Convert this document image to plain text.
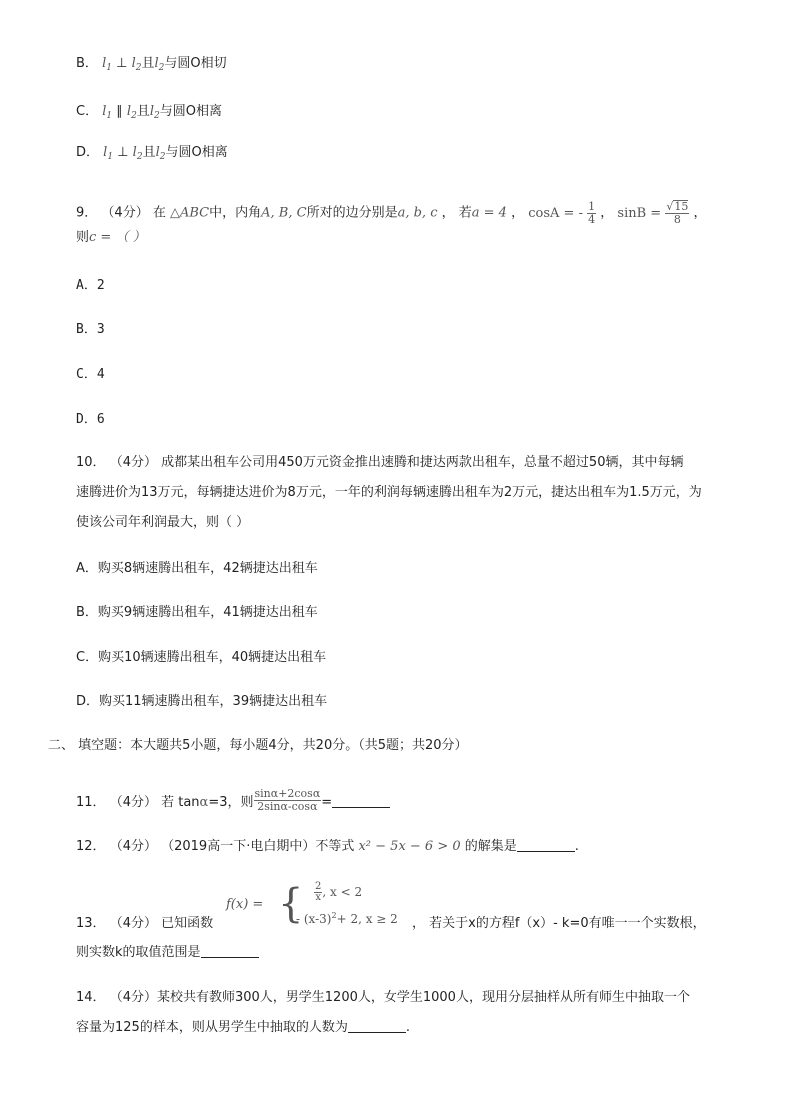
B． $l_1$ ⊥ $l_2$且$l_2$与圆O相切
C． $l_1$ ∥ $l_2$且$l_2$与圆O相离
D． $l_1$ ⊥ $l_2$且$l_2$与圆O相离
9． （4分） 在 △ABC中，内角A, B, C所对的边分别是a, b, c ， 若a = 4 ， cosA = - $\frac{1}{4}$ ， $\sin B = \frac{√15}{8}$ ，
则c = （ ）
A．2
B．3
C．4
D．6
10． （4分） 成都某出租车公司用450万元资金推出速腾和捷达两款出租车，总量不超过50辆，其中每辆
速腾进价为13万元，每辆捷达进价为8万元，一年的利润每辆速腾出租车为2万元，捷达出租车为1.5万元，为
使该公司年利润最大，则（ ）
A．购买8辆速腾出租车，42辆捷达出租车
B．购买9辆速腾出租车，41辆捷达出租车
C．购买10辆速腾出租车，40辆捷达出租车
D．购买11辆速腾出租车，39辆捷达出租车
二、 填空题：本大题共5小题，每小题4分，共20分。（共5题；共20分）
11． （4分） 若 tanα=3，则 $\frac{\sin\alpha+2\cos\alpha}{2\sin\alpha-\cos\alpha}$ =
12． （4分） （2019高一下·电白期中）不等式 x² − 5x − 6 > 0 的解集是	.
13． （4分） 已知函数
f(x) = { $\frac{2}{x}$ , x < 2
- $(x-3)^2+ 2$, x ≥ 2 ， 若关于x的方程f（x）- k=0有唯一一个实数根，
则实数k的取值范围是
14． （4分）某校共有教师300人，男学生1200人，女学生1000人，现用分层抽样从所有师生中抽取一个
容量为125的样本，则从男学生中抽取的人数为	.
